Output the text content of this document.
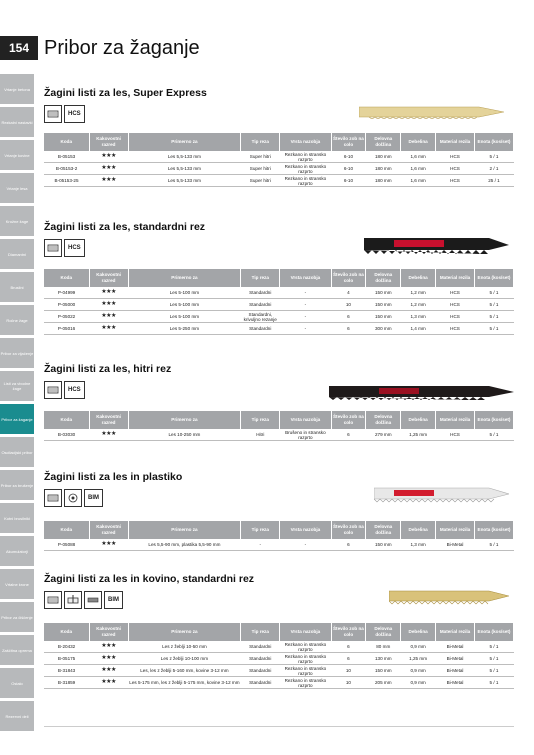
154 Pribor za žaganje
Vrtanje betona
Rezkalni nastavki
Vrtanje kovine
Vrtanje lesa
Krožne žage
Diamantni
Brusilni
Ročne žage
Pribor za vijačenje
Listi za vbodne žage
Pribor za žaganje
Oscilacijski pribor
Pribor za brušenje
Kotni brusilniki
Akumulatorji
Vrtalne krone
Pribor za čiščenje
Zaščitna oprema
Ostalo
Rezervni deli
Žagini listi za les, Super Express
HCS
Koda	Kakovostni razred	Primerno za	Tip reza	Vrsta nazobja	Število zob na colo	Delovna dolžina	Debelina	Material rezila	Enota (kos/set)
B-05153	★★★	Les 5,5-133 mm	Super hitri	Rezkano in stransko razprto	6-10	180 mm	1,6 mm	HCS	5 / 1
B-05153-2	★★★	Les 5,5-133 mm	Super hitri	Rezkano in stransko razprto	6-10	180 mm	1,6 mm	HCS	2 / 1
B-05153-25	★★★	Les 5,5-133 mm	Super hitri	Rezkano in stransko razprto	6-10	180 mm	1,6 mm	HCS	25 / 1
Žagini listi za les, standardni rez
HCS
Koda	Kakovostni razred	Primerno za	Tip reza	Vrsta nazobja	Število zob na colo	Delovna dolžina	Debelina	Material rezila	Enota (kos/set)
P-04999	★★★	Les 5-100 mm	Standardni	-	4	150 mm	1,2 mm	HCS	5 / 1
P-05000	★★★	Les 5-100 mm	Standardni	-	10	150 mm	1,2 mm	HCS	5 / 1
P-05022	★★★	Les 5-100 mm	Standardni, krivuljno rezanje	-	6	150 mm	1,3 mm	HCS	5 / 1
P-05016	★★★	Les 5-250 mm	Standardni	-	6	300 mm	1,4 mm	HCS	5 / 1
Žagini listi za les, hitri rez
HCS
Koda	Kakovostni razred	Primerno za	Tip reza	Vrsta nazobja	Število zob na colo	Delovna dolžina	Debelina	Material rezila	Enota (kos/set)
B-03030	★★★	Les 10-250 mm	Hitri	Brušeno in stransko razprto	6	279 mm	1,25 mm	HCS	5 / 1
Žagini listi za les in plastiko
BIM
Koda	Kakovostni razred	Primerno za	Tip reza	Vrsta nazobja	Število zob na colo	Delovna dolžina	Debelina	Material rezila	Enota (kos/set)
P-05088	★★★	Les 5,5-90 mm, plastika 5,5-90 mm	-	-	6	150 mm	1,3 mm	Bi-Metal	5 / 1
Žagini listi za les in kovino, standardni rez
BIM
Koda	Kakovostni razred	Primerno za	Tip reza	Vrsta nazobja	Število zob na colo	Delovna dolžina	Debelina	Material rezila	Enota (kos/set)
B-20432	★★★	Les z žeblji 10-50 mm	Standardni	Rezkano in stransko razprto	6	80 mm	0,9 mm	Bi-Metal	5 / 1
B-05175	★★★	Les z žeblji 10-100 mm	Standardni	Rezkano in stransko razprto	6	130 mm	1,25 mm	Bi-Metal	5 / 1
B-31843	★★★	Les, les z žeblji 5-160 mm, kovine 3-12 mm	Standardni	Rezkano in stransko razprto	10	150 mm	0,9 mm	Bi-Metal	5 / 1
B-31859	★★★	Les 5-175 mm, les z žeblji 5-175 mm, kovine 3-12 mm	Standardni	Rezkano in stransko razprto	10	205 mm	0,9 mm	Bi-Metal	5 / 1
